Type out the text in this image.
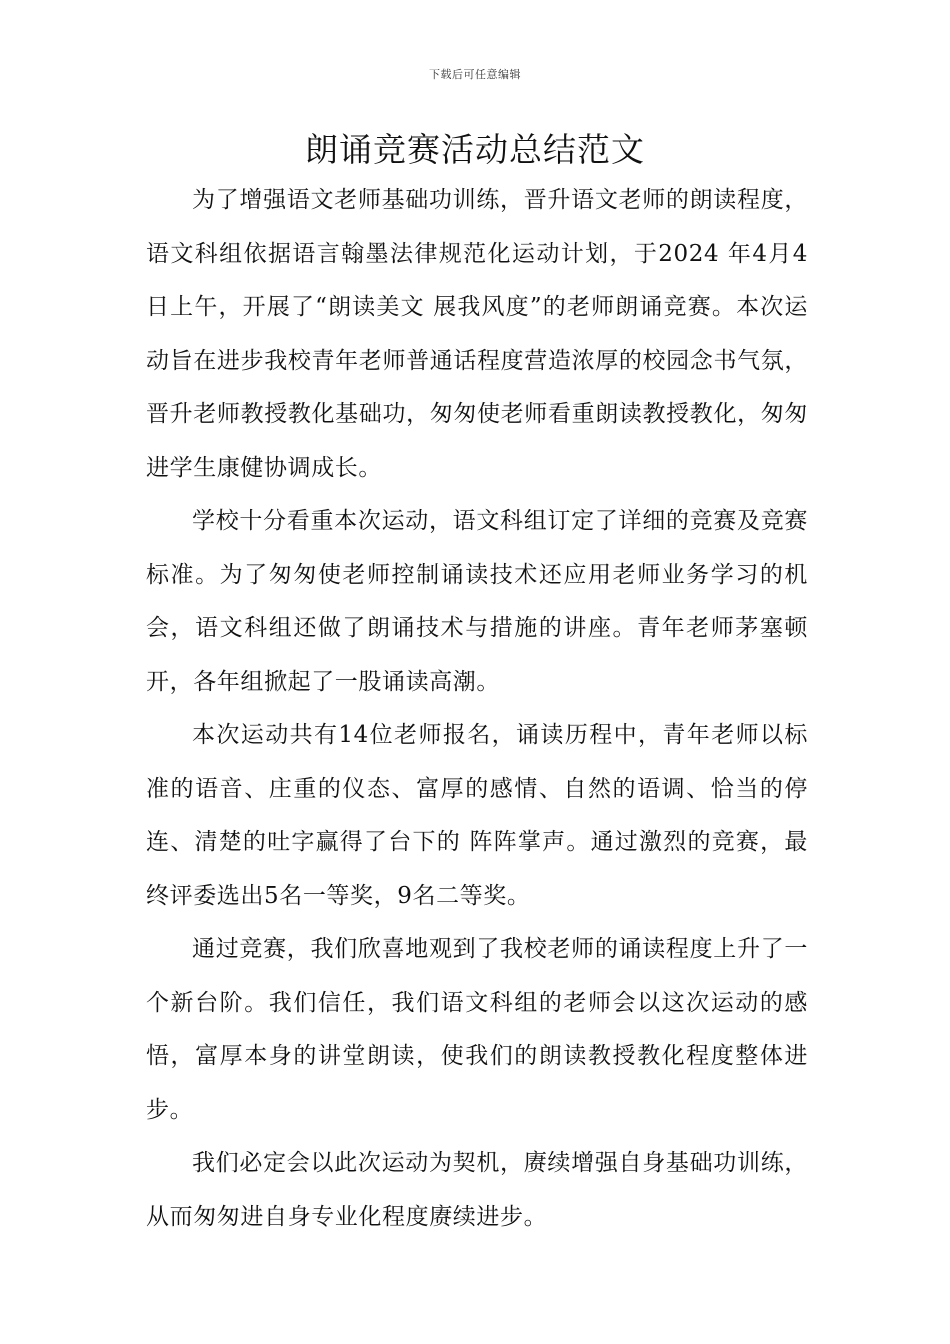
下载后可任意编辑
朗诵竞赛活动总结范文

为了增强语文老师基础功训练，晋升语文老师的朗读程度，语文科组依据语言翰墨法律规范化运动计划，于2024 年4月4日上午，开展了“朗读美文 展我风度”的老师朗诵竞赛。本次运动旨在进步我校青年老师普通话程度营造浓厚的校园念书气氛，晋升老师教授教化基础功，匆匆使老师看重朗读教授教化，匆匆进学生康健协调成长。

学校十分看重本次运动，语文科组订定了详细的竞赛及竞赛标准。为了匆匆使老师控制诵读技术还应用老师业务学习的机会，语文科组还做了朗诵技术与措施的讲座。青年老师茅塞顿开，各年组掀起了一股诵读高潮。

本次运动共有14位老师报名，诵读历程中，青年老师以标准的语音、庄重的仪态、富厚的感情、自然的语调、恰当的停连、清楚的吐字赢得了台下的 阵阵掌声。通过激烈的竞赛，最终评委选出5名一等奖，9名二等奖。

通过竞赛，我们欣喜地观到了我校老师的诵读程度上升了一个新台阶。我们信任，我们语文科组的老师会以这次运动的感悟，富厚本身的讲堂朗读，使我们的朗读教授教化程度整体进步。

我们必定会以此次运动为契机，赓续增强自身基础功训练，从而匆匆进自身专业化程度赓续进步。
